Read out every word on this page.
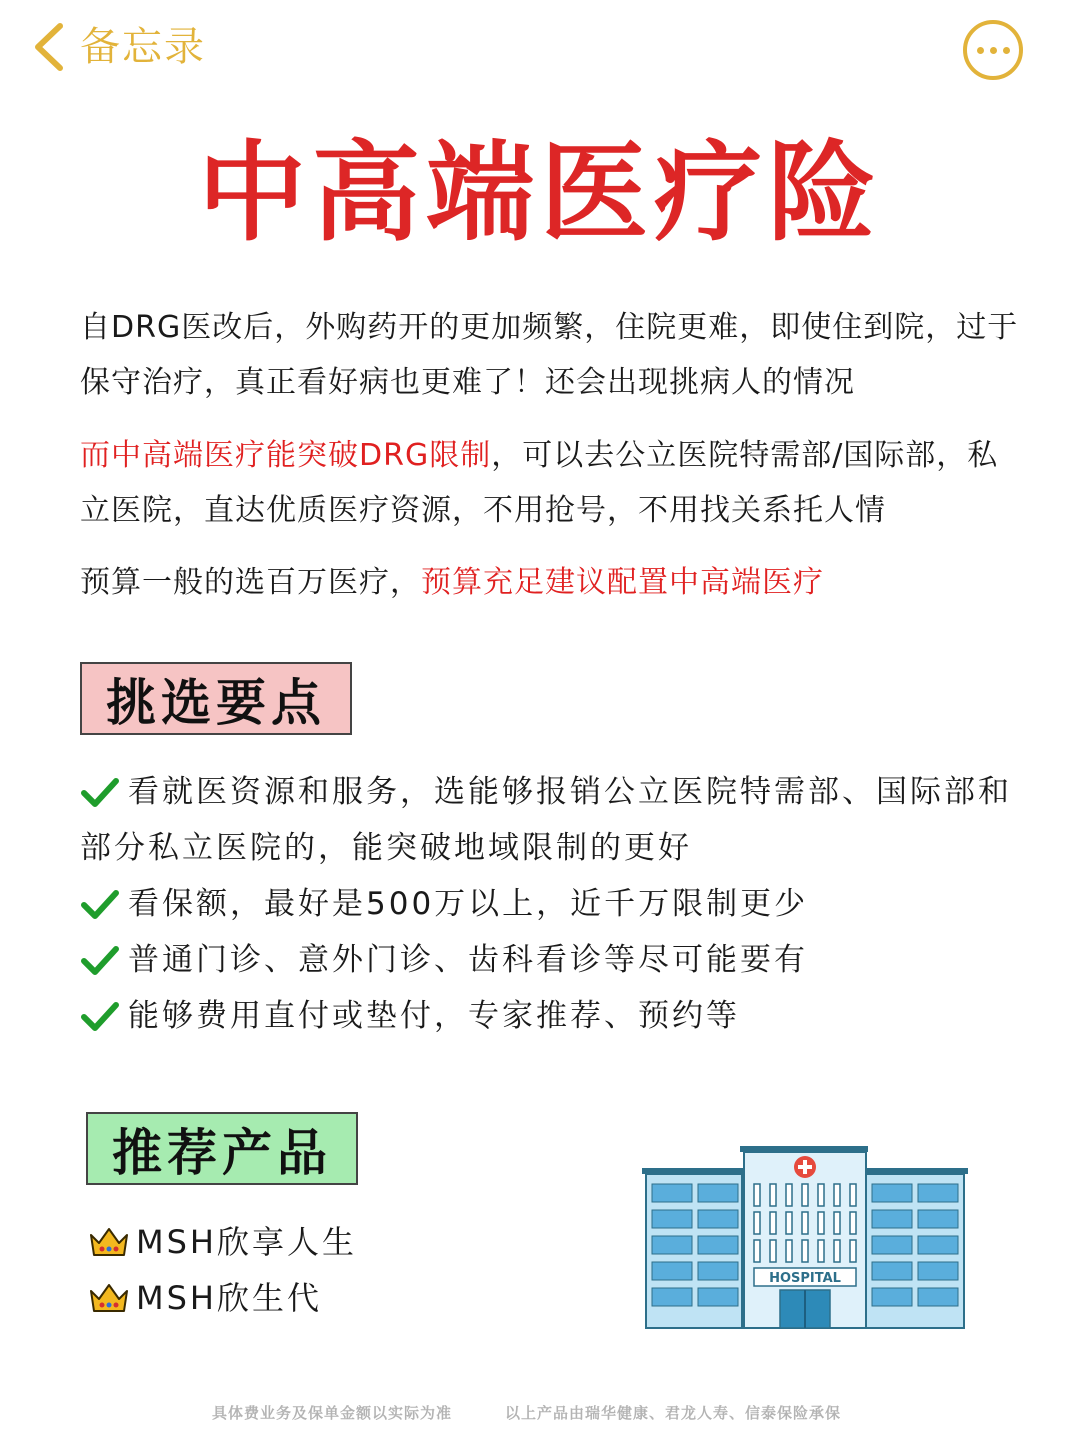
备忘录
中高端医疗险
自DRG医改后，外购药开的更加频繁，住院更难，即使住到院，过于保守治疗，真正看好病也更难了！还会出现挑病人的情况
而中高端医疗能突破DRG限制，可以去公立医院特需部/国际部，私立医院，直达优质医疗资源，不用抢号，不用找关系托人情
预算一般的选百万医疗，预算充足建议配置中高端医疗
挑选要点
看就医资源和服务，选能够报销公立医院特需部、国际部和部分私立医院的，能突破地域限制的更好
看保额，最好是500万以上，近千万限制更少
普通门诊、意外门诊、齿科看诊等尽可能要有
能够费用直付或垫付，专家推荐、预约等
推荐产品
MSH欣享人生
MSH欣生代
HOSPITAL
具体费业务及保单金额以实际为准	以上产品由瑞华健康、君龙人寿、信泰保险承保
